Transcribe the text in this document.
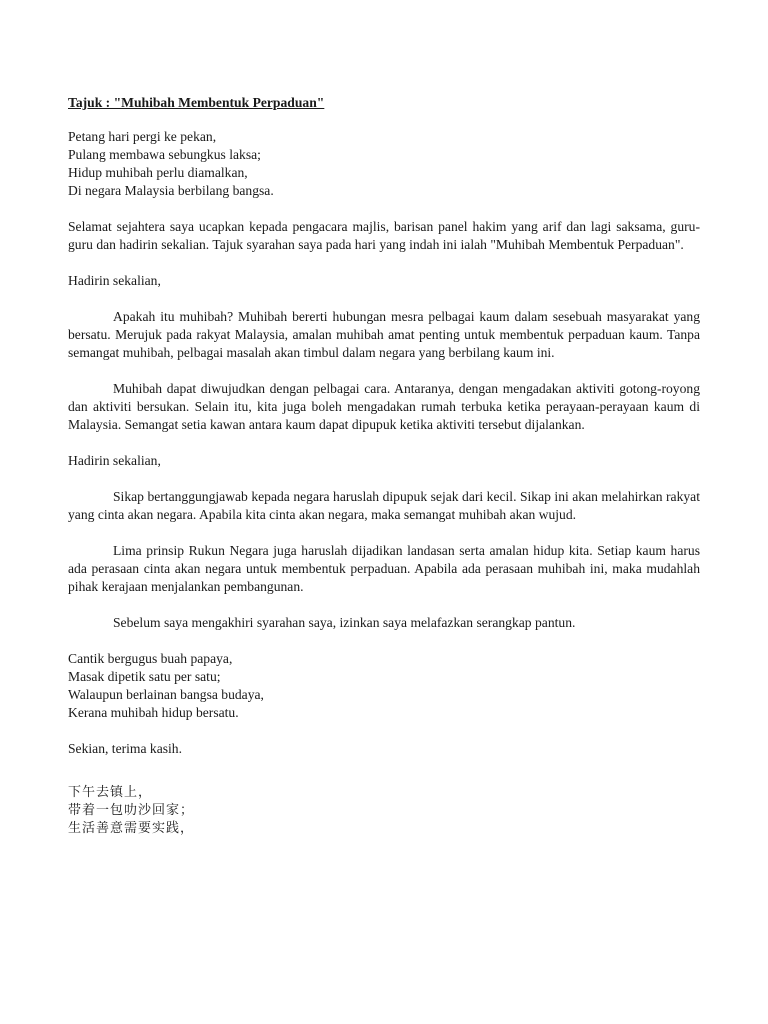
Tajuk : "Muhibah Membentuk Perpaduan"
Petang hari pergi ke pekan,
Pulang membawa sebungkus laksa;
Hidup muhibah perlu diamalkan,
Di negara Malaysia berbilang bangsa.

Selamat sejahtera saya ucapkan kepada pengacara majlis, barisan panel hakim yang arif dan lagi saksama, guru-guru dan hadirin sekalian. Tajuk syarahan saya pada hari yang indah ini ialah "Muhibah Membentuk Perpaduan".

Hadirin sekalian,

Apakah itu muhibah? Muhibah bererti hubungan mesra pelbagai kaum dalam sesebuah masyarakat yang bersatu. Merujuk pada rakyat Malaysia, amalan muhibah amat penting untuk membentuk perpaduan kaum. Tanpa semangat muhibah, pelbagai masalah akan timbul dalam negara yang berbilang kaum ini.

Muhibah dapat diwujudkan dengan pelbagai cara. Antaranya, dengan mengadakan aktiviti gotong-royong dan aktiviti bersukan. Selain itu, kita juga boleh mengadakan rumah terbuka ketika perayaan-perayaan kaum di Malaysia. Semangat setia kawan antara kaum dapat dipupuk ketika aktiviti tersebut dijalankan.

Hadirin sekalian,

Sikap bertanggungjawab kepada negara haruslah dipupuk sejak dari kecil. Sikap ini akan melahirkan rakyat yang cinta akan negara. Apabila kita cinta akan negara, maka semangat muhibah akan wujud.

Lima prinsip Rukun Negara juga haruslah dijadikan landasan serta amalan hidup kita. Setiap kaum harus ada perasaan cinta akan negara untuk membentuk perpaduan. Apabila ada perasaan muhibah ini, maka mudahlah pihak kerajaan menjalankan pembangunan.

Sebelum saya mengakhiri syarahan saya, izinkan saya melafazkan serangkap pantun.

Cantik bergugus buah papaya,
Masak dipetik satu per satu;
Walaupun berlainan bangsa budaya,
Kerana muhibah hidup bersatu.
Sekian, terima kasih.
下午去镇上，
带着一包叻沙回家；
生活善意需要实践，
